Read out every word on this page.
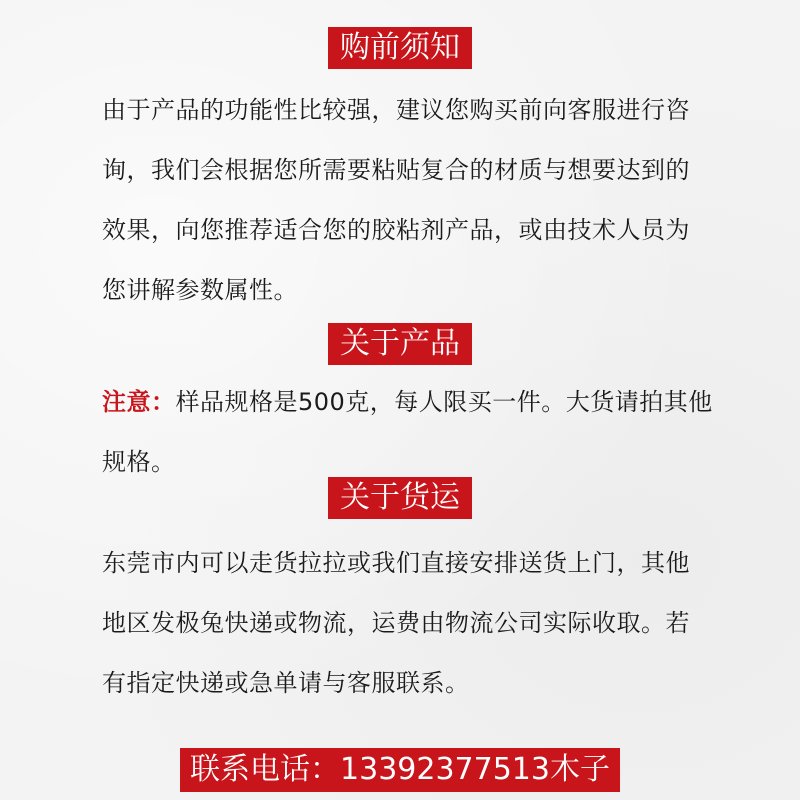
购前须知

由于产品的功能性比较强，建议您购买前向客服进行咨
询，我们会根据您所需要粘贴复合的材质与想要达到的
效果，向您推荐适合您的胶粘剂产品，或由技术人员为
您讲解参数属性。

关于产品

注意：样品规格是500克，每人限买一件。大货请拍其他
规格。

关于货运

东莞市内可以走货拉拉或我们直接安排送货上门，其他
地区发极兔快递或物流，运费由物流公司实际收取。若
有指定快递或急单请与客服联系。

联系电话：13392377513木子
